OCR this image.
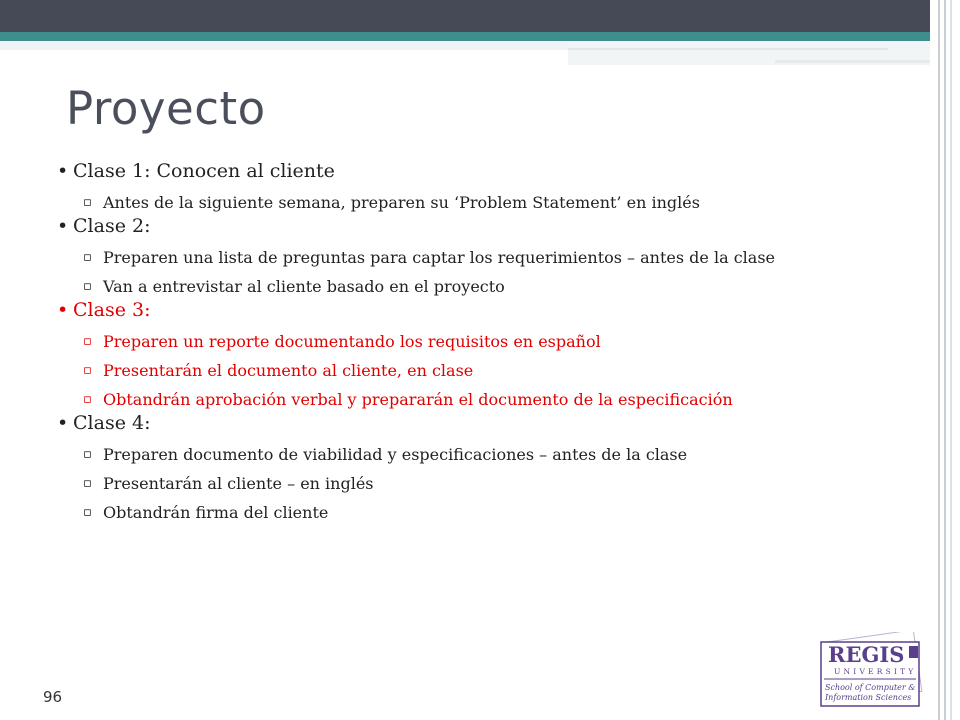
Proyecto
• Clase 1: Conocen al cliente
▫ Antes de la siguiente semana, preparen su ‘Problem Statement’ en inglés
• Clase 2:
▫ Preparen una lista de preguntas para captar los requerimientos – antes de la clase
▫ Van a entrevistar al cliente basado en el proyecto
• Clase 3:
▫ Preparen un reporte documentando los requisitos en español
▫ Presentarán el documento al cliente, en clase
▫ Obtandrán aprobación verbal y prepararán el documento de la especificación
• Clase 4:
▫ Preparen documento de viabilidad y especificaciones – antes de la clase
▫ Presentarán al cliente – en inglés
▫ Obtandrán firma del cliente
96
REGIS
UNIVERSITY
School of Computer &
Information Sciences
